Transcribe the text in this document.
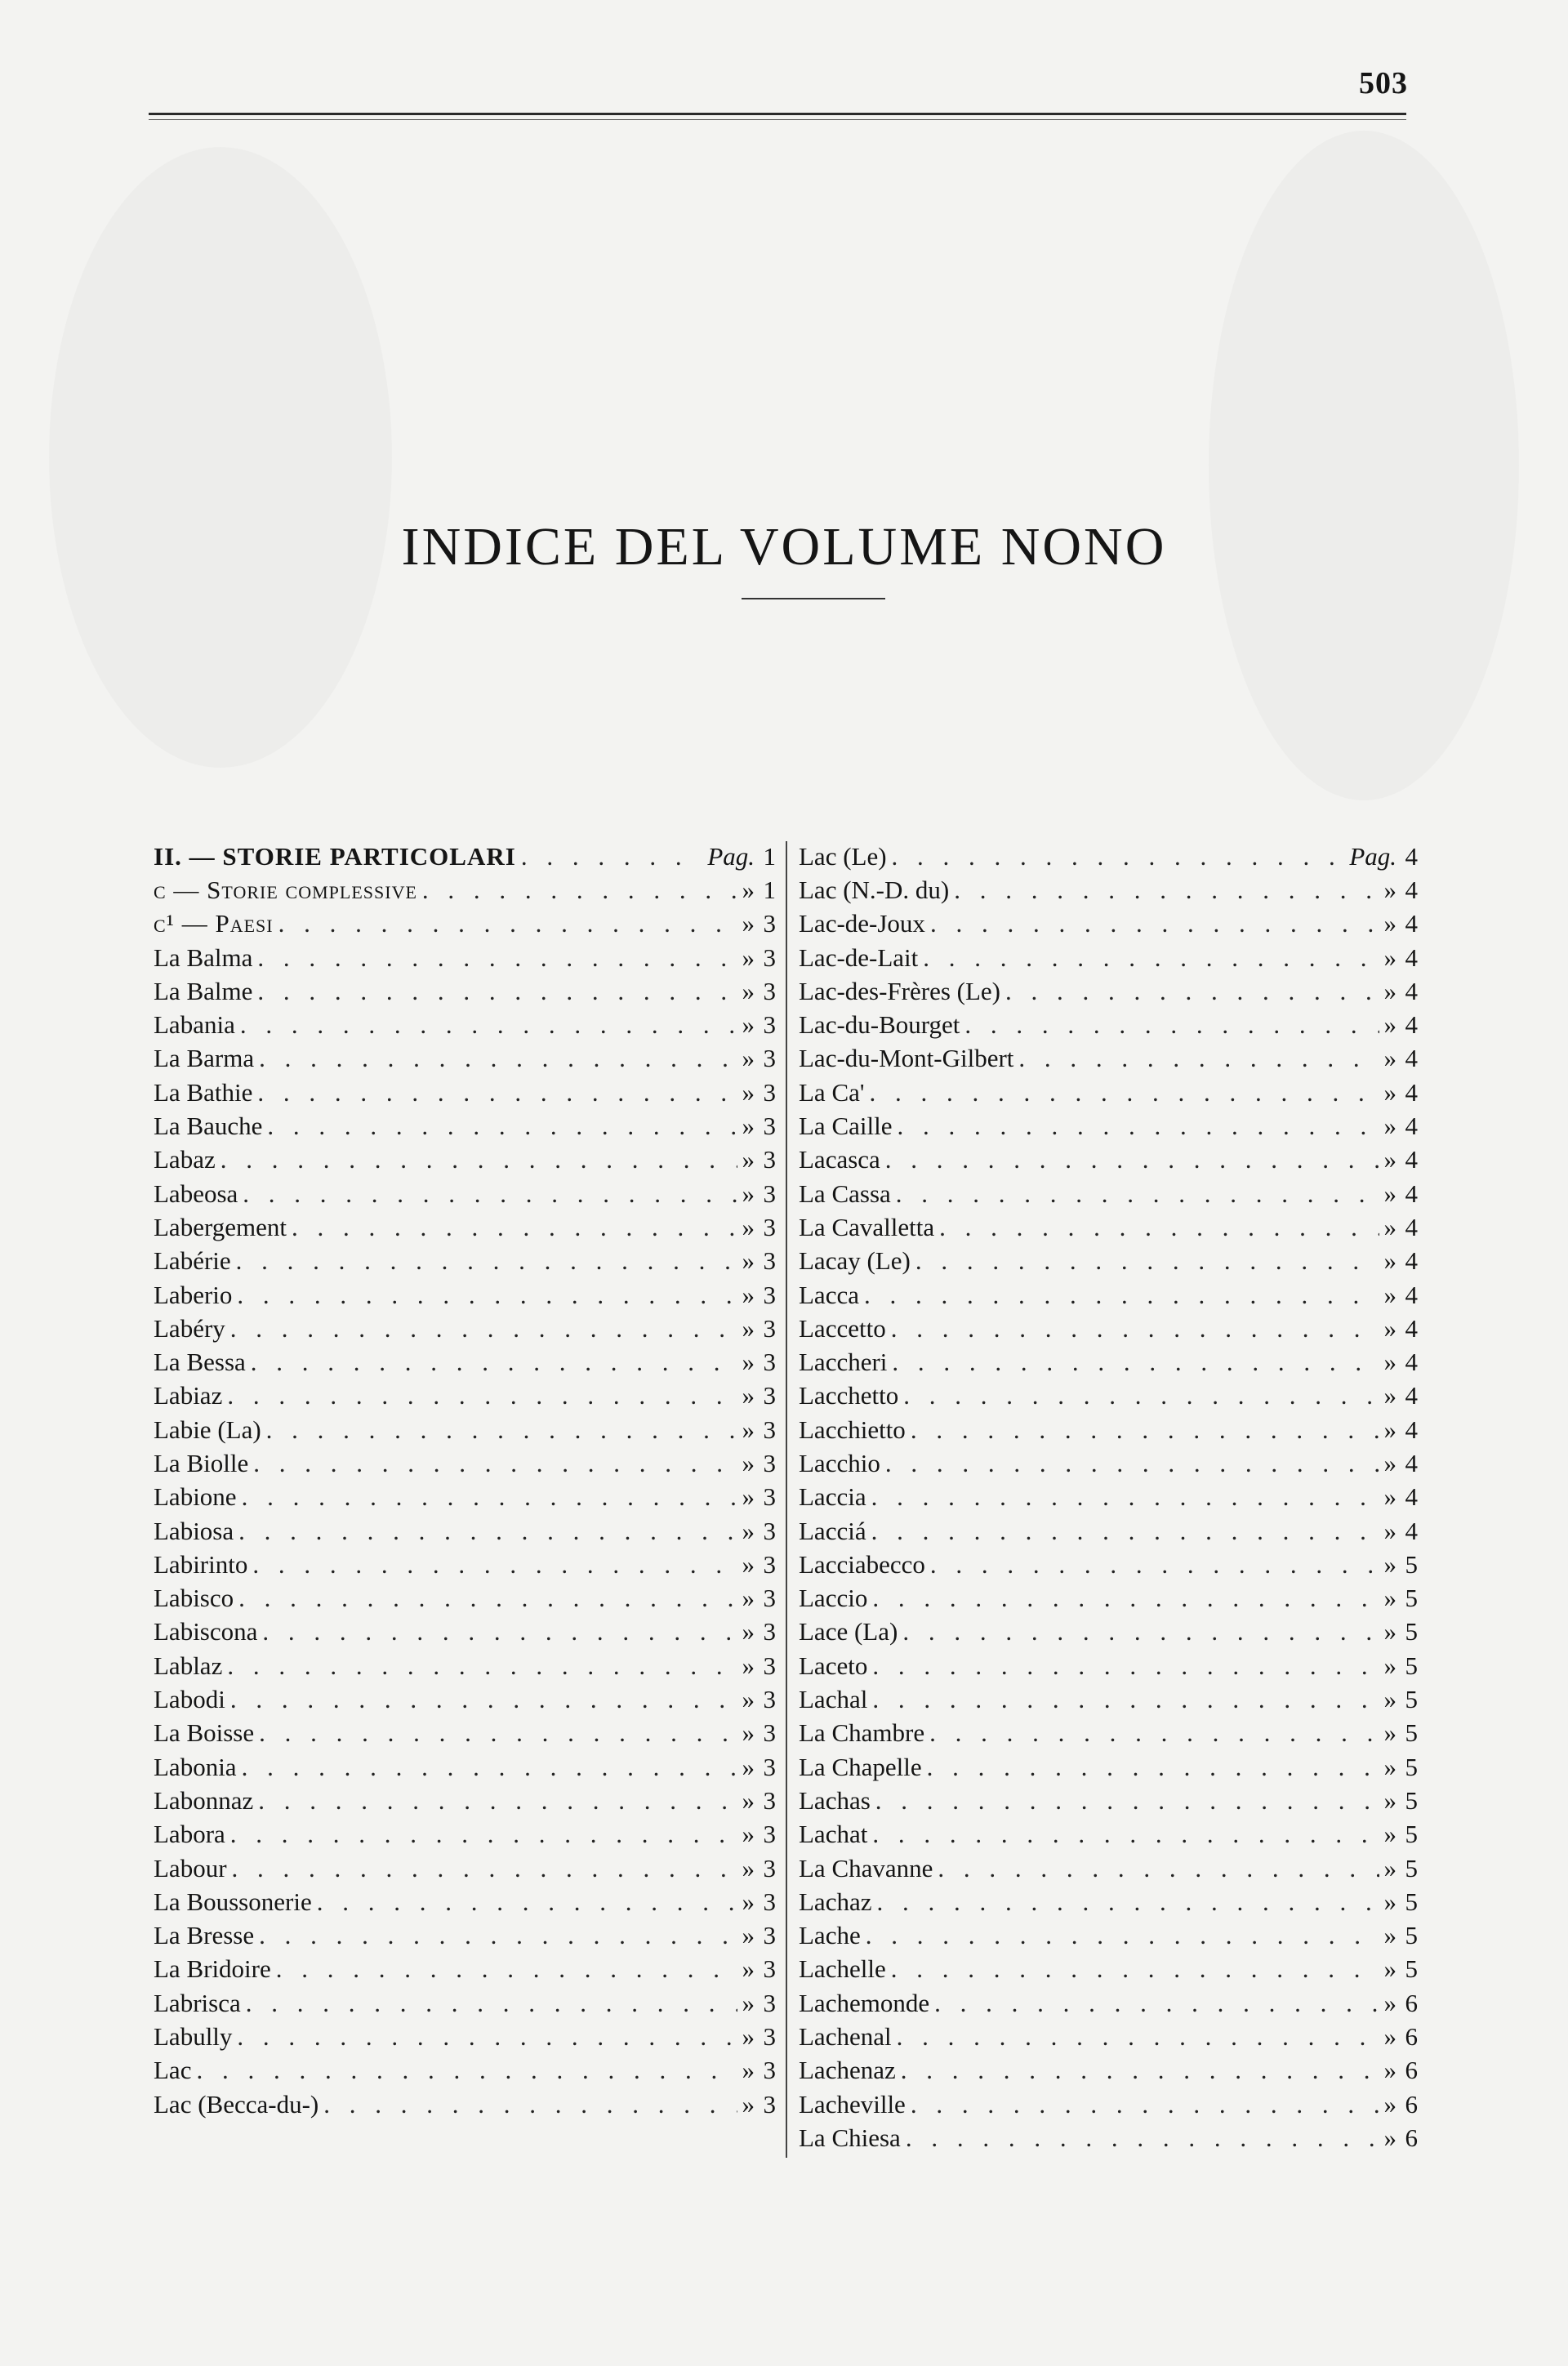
503
INDICE DEL VOLUME NONO
II. — STORIE PARTICOLARI . . .	Pag. 1
c — Storie complessive . . .	» 1
c¹ — Paesi . . .	» 3
La Balma . . .	» 3
La Balme . . .	» 3
Labania . . .	» 3
La Barma . . .	» 3
La Bathie . . .	» 3
La Bauche . . .	» 3
Labaz . . .	» 3
Labeosa . . .	» 3
Labergement . . .	» 3
Labérie . . .	» 3
Laberio . . .	» 3
Labéry . . .	» 3
La Bessa . . .	» 3
Labiaz . . .	» 3
Labie (La) . . .	» 3
La Biolle . . .	» 3
Labione . . .	» 3
Labiosa . . .	» 3
Labirinto . . .	» 3
Labisco . . .	» 3
Labiscona . . .	» 3
Lablaz . . .	» 3
Labodi . . .	» 3
La Boisse . . .	» 3
Labonia . . .	» 3
Labonnaz . . .	» 3
Labora . . .	» 3
Labour . . .	» 3
La Boussonerie . . .	» 3
La Bresse . . .	» 3
La Bridoire . . .	» 3
Labrisca . . .	» 3
Labully . . .	» 3
Lac . . .	» 3
Lac (Becca-du-) . . .	» 3
Lac (Le) . . .	Pag. 4
Lac (N.-D. du) . . .	» 4
Lac-de-Joux . . .	» 4
Lac-de-Lait . . .	» 4
Lac-des-Frères (Le) . . .	» 4
Lac-du-Bourget . . .	» 4
Lac-du-Mont-Gilbert . . .	» 4
La Ca' . . .	» 4
La Caille . . .	» 4
Lacasca . . .	» 4
La Cassa . . .	» 4
La Cavalletta . . .	» 4
Lacay (Le) . . .	» 4
Lacca . . .	» 4
Laccetto . . .	» 4
Laccheri . . .	» 4
Lacchetto . . .	» 4
Lacchietto . . .	» 4
Lacchio . . .	» 4
Laccia . . .	» 4
Lacciá . . .	» 4
Lacciabecco . . .	» 5
Laccio . . .	» 5
Lace (La) . . .	» 5
Laceto . . .	» 5
Lachal . . .	» 5
La Chambre . . .	» 5
La Chapelle . . .	» 5
Lachas . . .	» 5
Lachat . . .	» 5
La Chavanne . . .	» 5
Lachaz . . .	» 5
Lache . . .	» 5
Lachelle . . .	» 5
Lachemonde . . .	» 6
Lachenal . . .	» 6
Lachenaz . . .	» 6
Lacheville . . .	» 6
La Chiesa . . .	» 6
